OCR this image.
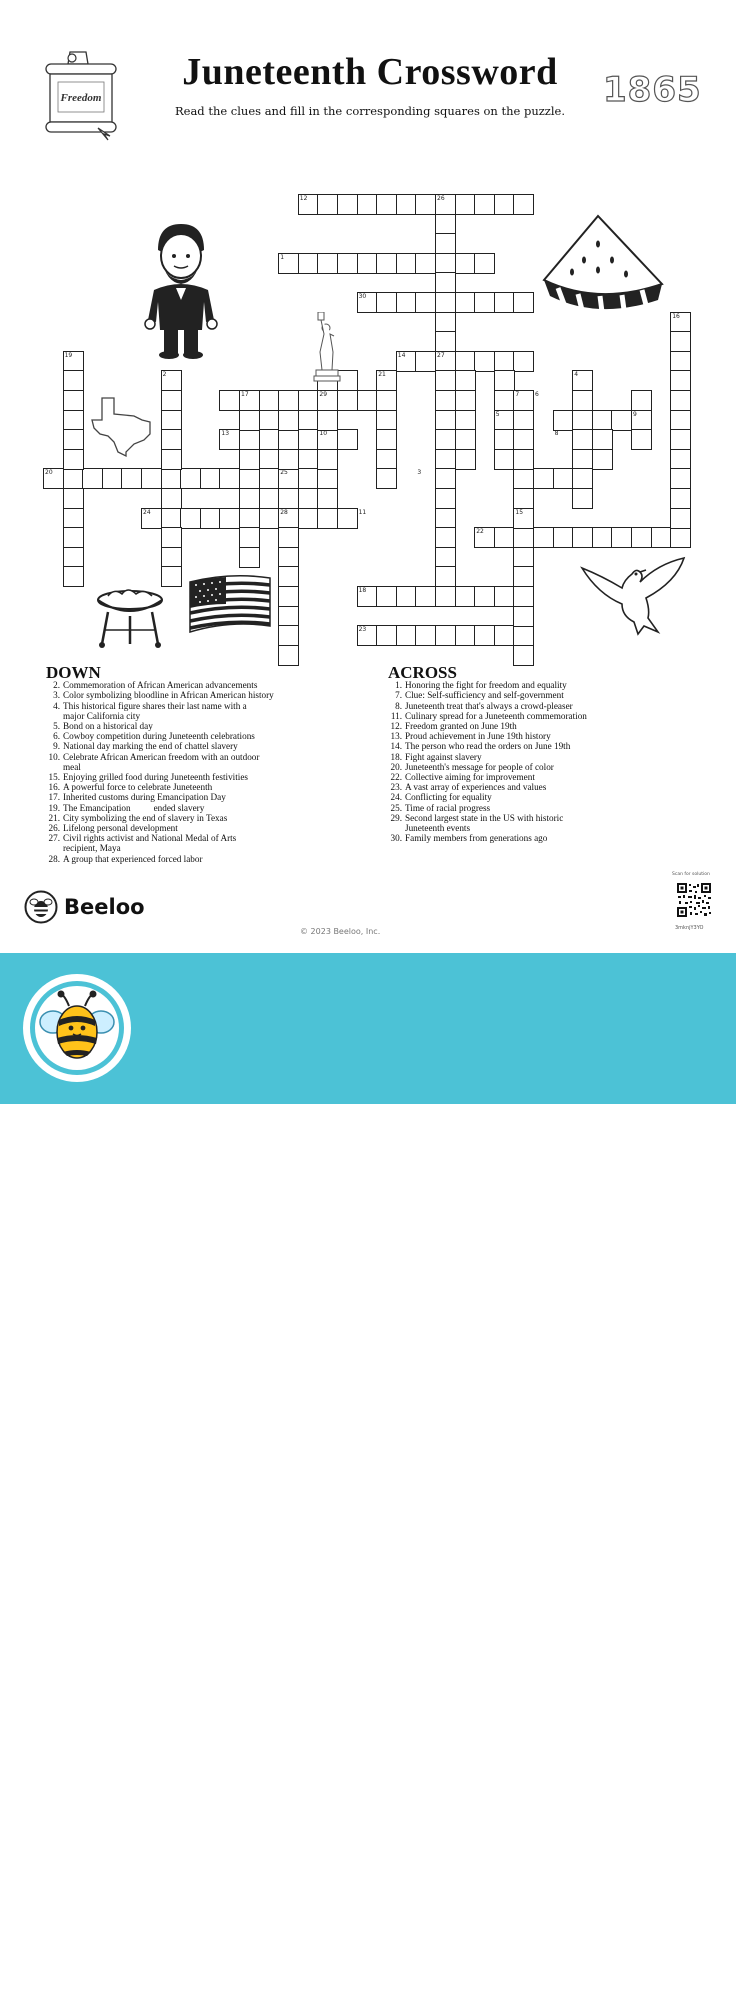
Freedom
Juneteenth Crossword
Read the clues and fill in the corresponding squares on the puzzle.
1865
12	26
1
30
16
19	14	27
2	21	4
17	29	7	6
5	9
13	10	8
20	25	3
24	28	11	15
22
18
23
DOWN
2. Commemoration of African American advancements
3. Color symbolizing bloodline in African American history
4. This historical figure shares their last name with a
major California city
5. Bond on a historical day
6. Cowboy competition during Juneteenth celebrations
9. National day marking the end of chattel slavery
10. Celebrate African American freedom with an outdoor
meal
15. Enjoying grilled food during Juneteenth festivities
16. A powerful force to celebrate Juneteenth
17. Inherited customs during Emancipation Day
19. The Emancipation          ended slavery
21. City symbolizing the end of slavery in Texas
26. Lifelong personal development
27. Civil rights activist and National Medal of Arts
recipient, Maya
28. A group that experienced forced labor
ACROSS
1. Honoring the fight for freedom and equality
7. Clue: Self-sufficiency and self-government
8. Juneteenth treat that's always a crowd-pleaser
11. Culinary spread for a Juneteenth commemoration
12. Freedom granted on June 19th
13. Proud achievement in June 19th history
14. The person who read the orders on June 19th
18. Fight against slavery
20. Juneteenth's message for people of color
22. Collective aiming for improvement
23. A vast array of experiences and values
24. Conflicting for equality
25. Time of racial progress
29. Second largest state in the US with historic
Juneteenth events
30. Family members from generations ago
Beeloo
© 2023 Beeloo, Inc.
Scan for solution
3mknjY3YO
Crossword
